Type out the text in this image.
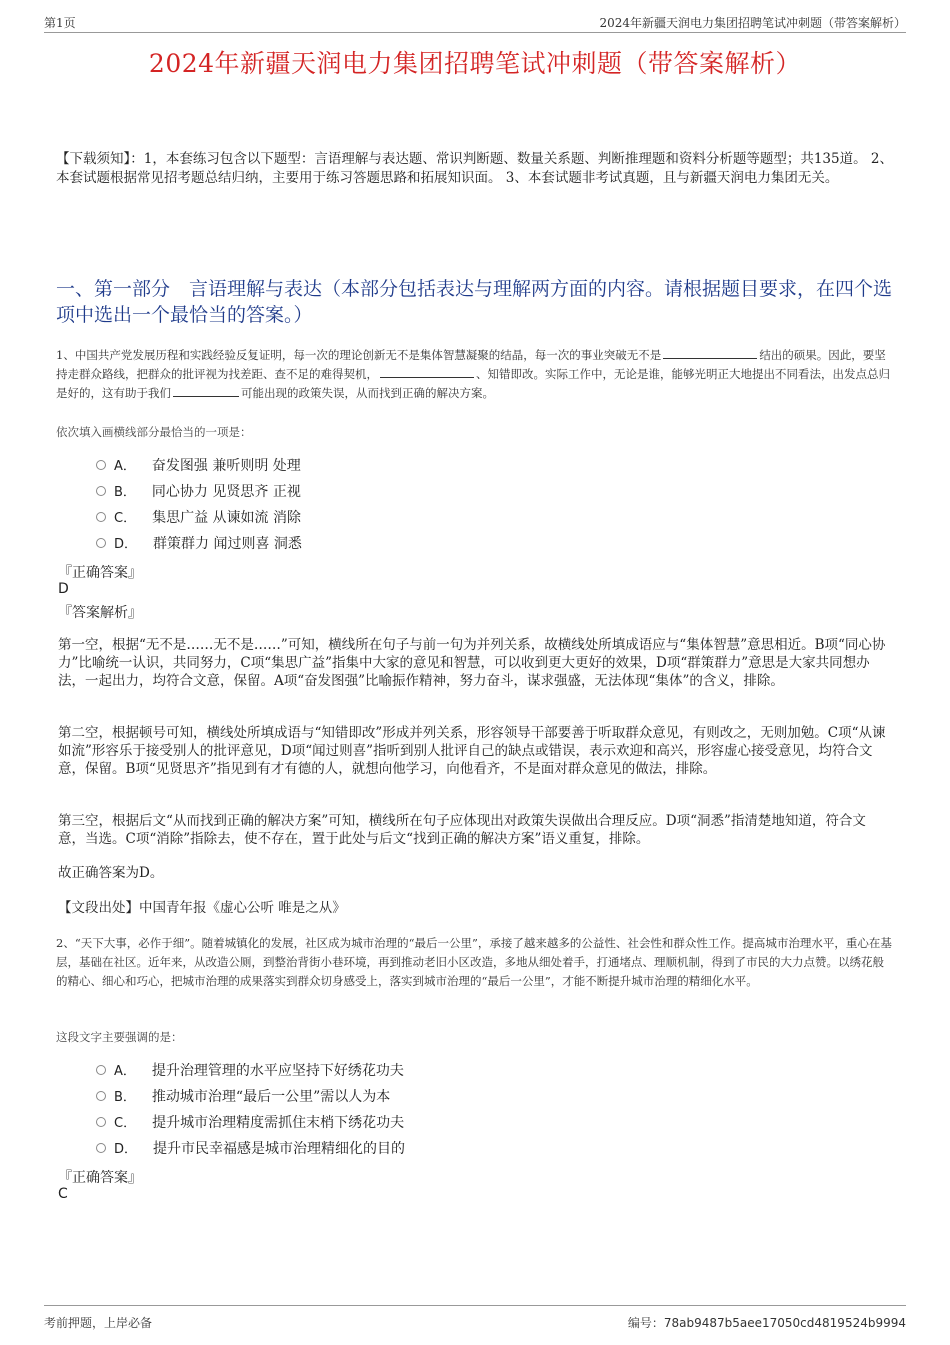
第1页	2024年新疆天润电力集团招聘笔试冲刺题（带答案解析）
2024年新疆天润电力集团招聘笔试冲刺题（带答案解析）
【下载须知】：1，本套练习包含以下题型：言语理解与表达题、常识判断题、数量关系题、判断推理题和资料分析题等题型；共135道。 2、本套试题根据常见招考题总结归纳，主要用于练习答题思路和拓展知识面。 3、本套试题非考试真题，且与新疆天润电力集团无关。
一、第一部分　言语理解与表达（本部分包括表达与理解两方面的内容。请根据题目要求，在四个选项中选出一个最恰当的答案。）
1、中国共产党发展历程和实践经验反复证明，每一次的理论创新无不是集体智慧凝聚的结晶，每一次的事业突破无不是	结出的硕果。因此，要坚持走群众路线，把群众的批评视为找差距、查不足的难得契机，	、知错即改。实际工作中，无论是谁，能够光明正大地提出不同看法，出发点总归是好的，这有助于我们	可能出现的政策失误，从而找到正确的解决方案。
依次填入画横线部分最恰当的一项是：
A． 奋发图强 兼听则明 处理
B． 同心协力 见贤思齐 正视
C． 集思广益 从谏如流 消除
D． 群策群力 闻过则喜 洞悉
『正确答案』
D
『答案解析』
第一空，根据“无不是……无不是……”可知，横线所在句子与前一句为并列关系，故横线处所填成语应与“集体智慧”意思相近。B项“同心协力”比喻统一认识，共同努力，C项“集思广益”指集中大家的意见和智慧，可以收到更大更好的效果，D项“群策群力”意思是大家共同想办法，一起出力，均符合文意，保留。A项“奋发图强”比喻振作精神，努力奋斗，谋求强盛，无法体现“集体”的含义，排除。
第二空，根据顿号可知，横线处所填成语与“知错即改”形成并列关系，形容领导干部要善于听取群众意见，有则改之，无则加勉。C项“从谏如流”形容乐于接受别人的批评意见，D项“闻过则喜”指听到别人批评自己的缺点或错误，表示欢迎和高兴，形容虚心接受意见，均符合文意，保留。B项“见贤思齐”指见到有才有德的人，就想向他学习，向他看齐，不是面对群众意见的做法，排除。
第三空，根据后文“从而找到正确的解决方案”可知，横线所在句子应体现出对政策失误做出合理反应。D项“洞悉”指清楚地知道，符合文意，当选。C项“消除”指除去，使不存在，置于此处与后文“找到正确的解决方案”语义重复，排除。
故正确答案为D。
【文段出处】中国青年报《虚心公听 唯是之从》
2、“天下大事，必作于细”。随着城镇化的发展，社区成为城市治理的“最后一公里”，承接了越来越多的公益性、社会性和群众性工作。提高城市治理水平，重心在基层，基础在社区。近年来，从改造公厕，到整治背街小巷环境，再到推动老旧小区改造，多地从细处着手，打通堵点、理顺机制，得到了市民的大力点赞。以绣花般的精心、细心和巧心，把城市治理的成果落实到群众切身感受上，落实到城市治理的“最后一公里”，才能不断提升城市治理的精细化水平。
这段文字主要强调的是：
A． 提升治理管理的水平应坚持下好绣花功夫
B． 推动城市治理“最后一公里”需以人为本
C． 提升城市治理精度需抓住末梢下绣花功夫
D． 提升市民幸福感是城市治理精细化的目的
『正确答案』
C
考前押题，上岸必备	编号：78ab9487b5aee17050cd4819524b9994
